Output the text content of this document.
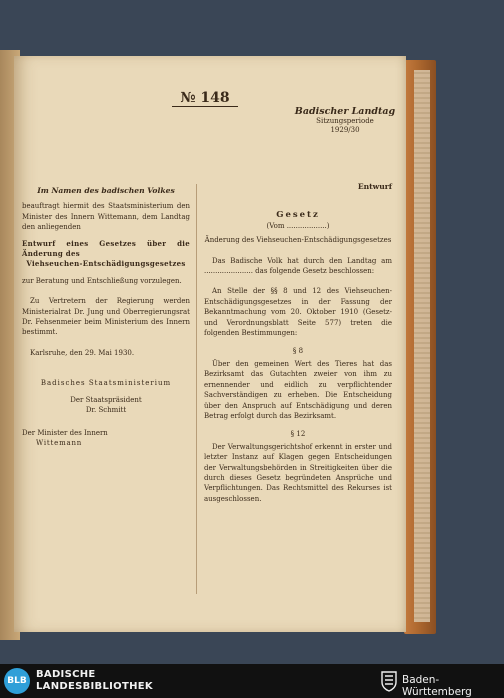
№ 148
Badischer Landtag
Sitzungsperiode
1929/30
Im Namen des badischen Volkes
beauftragt hiermit des Staatsministerium den Minister des Innern Wittemann, dem Landtag den anliegenden
Entwurf eines Gesetzes über die Änderung des
Viehseuchen-Entschädigungsgesetzes
zur Beratung und Entschließung vorzulegen.
Zu Vertretern der Regierung werden Ministerialrat Dr. Jung und Oberregierungsrat Dr. Fehsenmeier beim Ministerium des Innern bestimmt.
Karlsruhe, den 29. Mai 1930.
Badisches Staatsministerium
Der Staatspräsident
Dr. Schmitt
Der Minister des Innern
Wittemann
Entwurf
Gesetz
(Vom ..................)
Änderung des Viehseuchen-Entschädigungsgesetzes
Das Badische Volk hat durch den Landtag am ...................... das folgende Gesetz beschlossen:
An Stelle der §§ 8 und 12 des Viehseuchen-Entschädigungsgesetzes in der Fassung der Bekanntmachung vom 20. Oktober 1910 (Gesetz- und Verordnungsblatt Seite 577) treten die folgenden Bestimmungen:
§ 8
Über den gemeinen Wert des Tieres hat das Bezirksamt das Gutachten zweier von ihm zu ernennender und eidlich zu verpflichtender Sachverständigen zu erheben. Die Entscheidung über den Anspruch auf Entschädigung und deren Betrag erfolgt durch das Bezirksamt.
§ 12
Der Verwaltungsgerichtshof erkennt in erster und letzter Instanz auf Klagen gegen Entscheidungen der Verwaltungsbehörden in Streitigkeiten über die durch dieses Gesetz begründeten Ansprüche und Verpflichtungen. Das Rechtsmittel des Rekurses ist ausgeschlossen.
BLB
BADISCHE
LANDESBIBLIOTHEK
Baden-Württemberg
